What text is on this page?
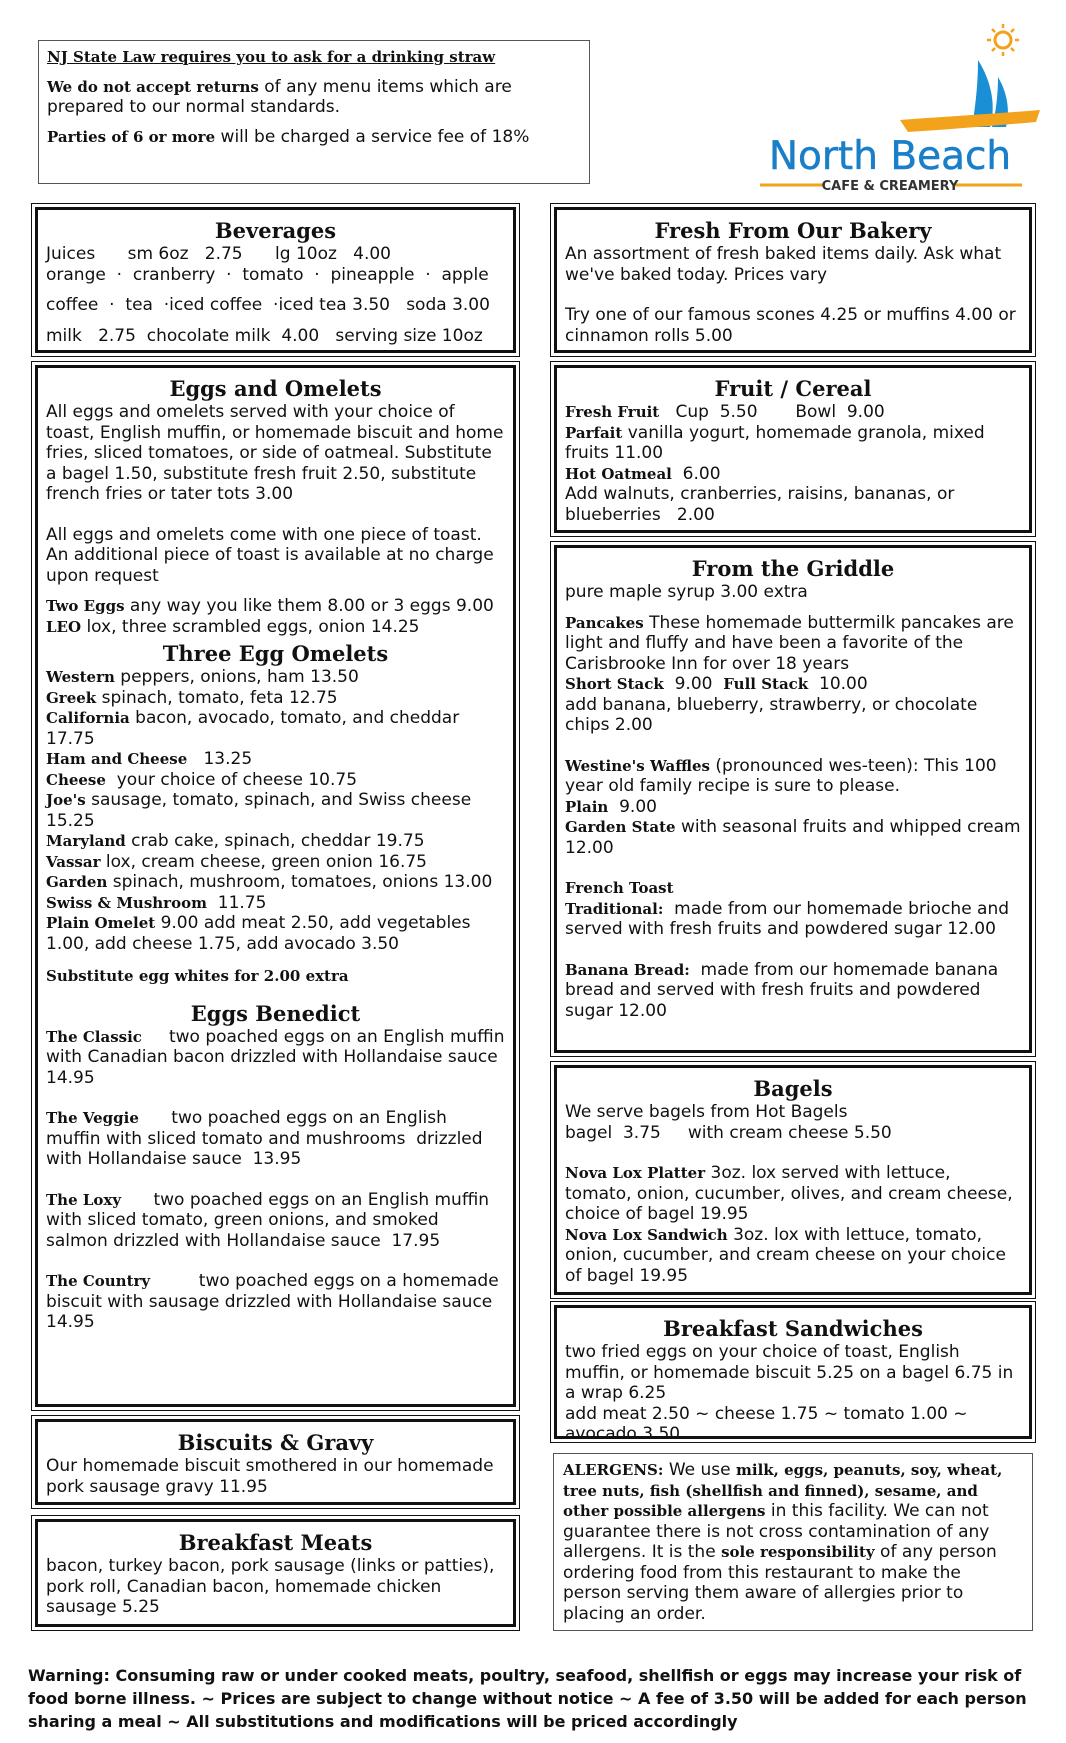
NJ State Law requires you to ask for a drinking straw

We do not accept returns of any menu items which are prepared to our normal standards.

Parties of 6 or more will be charged a service fee of 18%	North Beach
CAFE & CREAMERY
Beverages

Juices      sm 6oz   2.75      lg 10oz   4.00

orange  ·  cranberry  ·  tomato  ·  pineapple  ·  apple

coffee  ·  tea  ·iced coffee  ·iced tea 3.50   soda 3.00

milk   2.75  chocolate milk  4.00   serving size 10oz

Eggs and Omelets

All eggs and omelets served with your choice of toast, English muffin, or homemade biscuit and home fries, sliced tomatoes, or side of oatmeal. Substitute a bagel 1.50, substitute fresh fruit 2.50, substitute french fries or tater tots 3.00

All eggs and omelets come with one piece of toast. An additional piece of toast is available at no charge upon request

Two Eggs any way you like them 8.00 or 3 eggs 9.00

LEO lox, three scrambled eggs, onion 14.25

Three Egg Omelets

Western peppers, onions, ham 13.50

Greek spinach, tomato, feta 12.75

California bacon, avocado, tomato, and cheddar 17.75

Ham and Cheese   13.25

Cheese  your choice of cheese 10.75

Joe's sausage, tomato, spinach, and Swiss cheese 15.25

Maryland crab cake, spinach, cheddar 19.75

Vassar lox, cream cheese, green onion 16.75

Garden spinach, mushroom, tomatoes, onions 13.00

Swiss & Mushroom  11.75

Plain Omelet 9.00 add meat 2.50, add vegetables 1.00, add cheese 1.75, add avocado 3.50

Substitute egg whites for 2.00 extra

Eggs Benedict

The Classic     two poached eggs on an English muffin with Canadian bacon drizzled with Hollandaise sauce  14.95

The Veggie      two poached eggs on an English muffin with sliced tomato and mushrooms  drizzled with Hollandaise sauce  13.95

The Loxy      two poached eggs on an English muffin with sliced tomato, green onions, and smoked salmon drizzled with Hollandaise sauce  17.95

The Country         two poached eggs on a homemade biscuit with sausage drizzled with Hollandaise sauce  14.95

Biscuits & Gravy

Our homemade biscuit smothered in our homemade pork sausage gravy 11.95

Breakfast Meats

bacon, turkey bacon, pork sausage (links or patties), pork roll, Canadian bacon, homemade chicken sausage 5.25

Fresh From Our Bakery

An assortment of fresh baked items daily. Ask what we've baked today. Prices vary

Try one of our famous scones 4.25 or muffins 4.00 or cinnamon rolls 5.00

Fruit / Cereal

Fresh Fruit   Cup  5.50       Bowl  9.00

Parfait vanilla yogurt, homemade granola, mixed fruits 11.00

Hot Oatmeal  6.00

Add walnuts, cranberries, raisins, bananas, or blueberries   2.00

From the Griddle

pure maple syrup 3.00 extra

Pancakes These homemade buttermilk pancakes are light and fluffy and have been a favorite of the Carisbrooke Inn for over 18 years

Short Stack  9.00  Full Stack  10.00

add banana, blueberry, strawberry, or chocolate chips 2.00

Westine's Waffles (pronounced wes-teen): This 100 year old family recipe is sure to please.

Plain  9.00

Garden State with seasonal fruits and whipped cream 12.00

French Toast

Traditional:  made from our homemade brioche and served with fresh fruits and powdered sugar 12.00

Banana Bread:  made from our homemade banana bread and served with fresh fruits and powdered sugar 12.00

Bagels

We serve bagels from Hot Bagels

bagel  3.75     with cream cheese 5.50

Nova Lox Platter 3oz. lox served with lettuce, tomato, onion, cucumber, olives, and cream cheese, choice of bagel 19.95

Nova Lox Sandwich 3oz. lox with lettuce, tomato, onion, cucumber, and cream cheese on your choice of bagel 19.95

Breakfast Sandwiches

two fried eggs on your choice of toast, English muffin, or homemade biscuit 5.25 on a bagel 6.75 in a wrap 6.25

add meat 2.50 ~ cheese 1.75 ~ tomato 1.00 ~ avocado 3.50

ALERGENS: We use milk, eggs, peanuts, soy, wheat, tree nuts, fish (shellfish and finned), sesame, and other possible allergens in this facility. We can not guarantee there is not cross contamination of any allergens. It is the sole responsibility of any person ordering food from this restaurant to make the person serving them aware of allergies prior to placing an order.

Warning: Consuming raw or under cooked meats, poultry, seafood, shellfish or eggs may increase your risk of food borne illness. ~ Prices are subject to change without notice ~ A fee of 3.50 will be added for each person sharing a meal ~ All substitutions and modifications will be priced accordingly
